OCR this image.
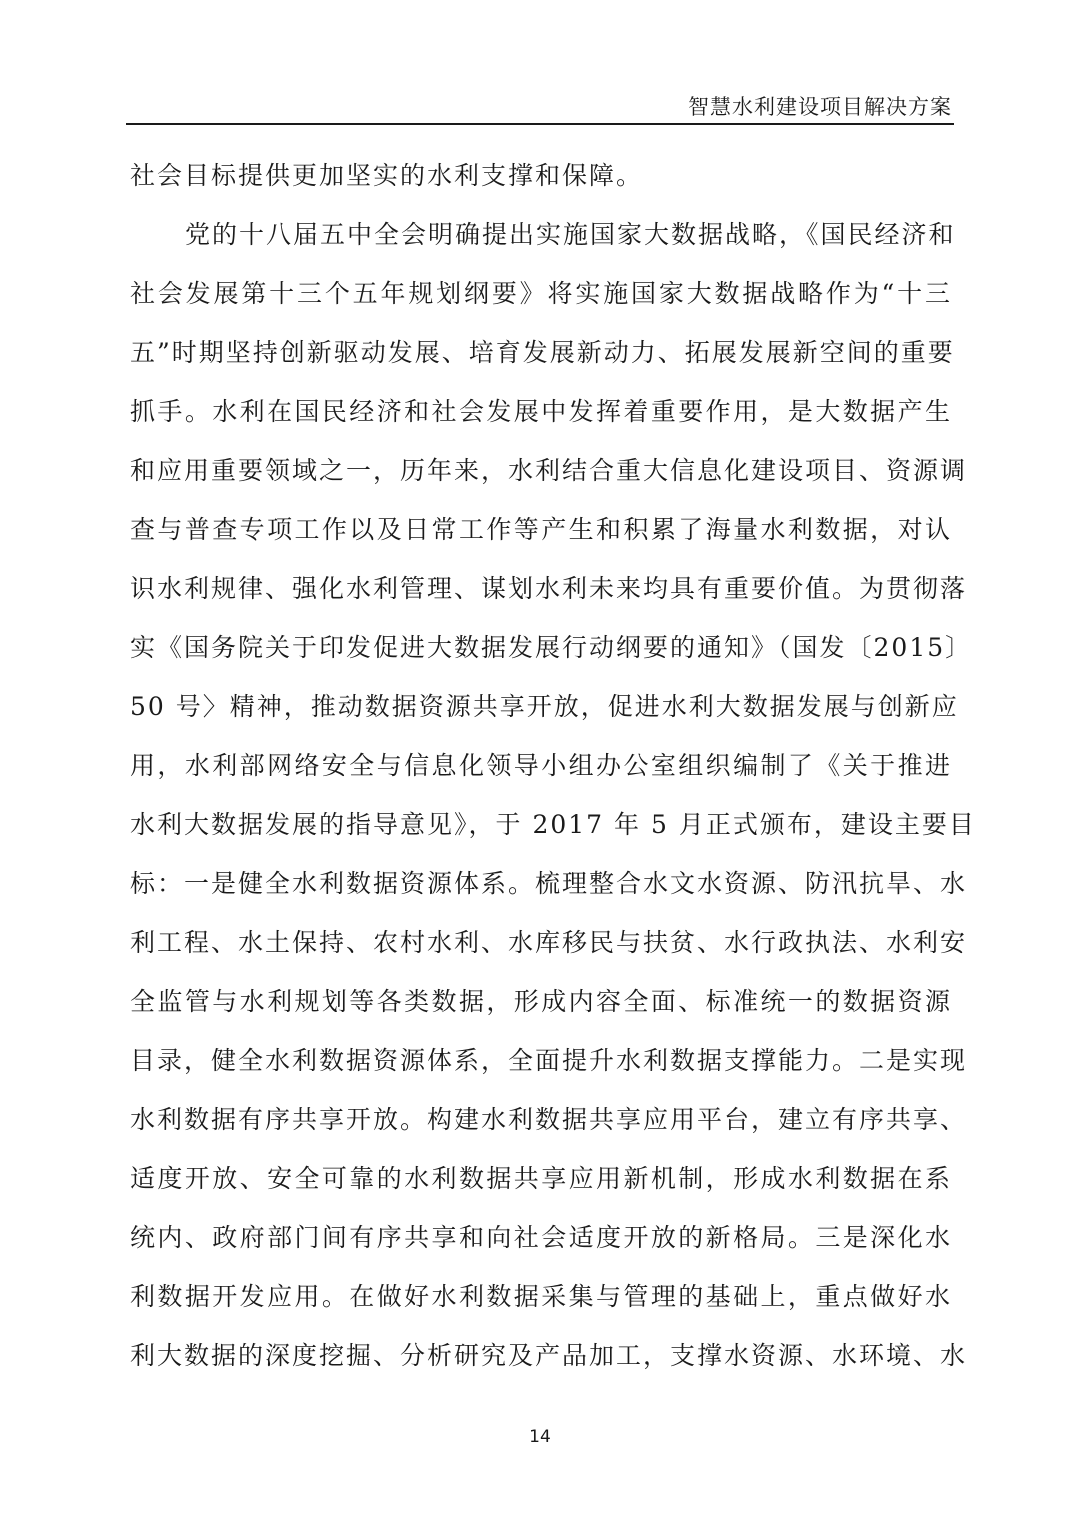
智慧水利建设项目解决方案
社会目标提供更加坚实的水利支撑和保障。
党的十八届五中全会明确提出实施国家大数据战略，《国民经济和
社会发展第十三个五年规划纲要》将实施国家大数据战略作为“十三
五”时期坚持创新驱动发展、培育发展新动力、拓展发展新空间的重要
抓手。水利在国民经济和社会发展中发挥着重要作用，是大数据产生
和应用重要领域之一，历年来，水利结合重大信息化建设项目、资源调
查与普查专项工作以及日常工作等产生和积累了海量水利数据，对认
识水利规律、强化水利管理、谋划水利未来均具有重要价值。为贯彻落
实《国务院关于印发促进大数据发展行动纲要的通知》（国发〔2015〕
50 号〉精神，推动数据资源共享开放，促进水利大数据发展与创新应
用，水利部网络安全与信息化领导小组办公室组织编制了《关于推进
水利大数据发展的指导意见》，于 2017 年 5 月正式颁布，建设主要目
标：一是健全水利数据资源体系。梳理整合水文水资源、防汛抗旱、水
利工程、水土保持、农村水利、水库移民与扶贫、水行政执法、水利安
全监管与水利规划等各类数据，形成内容全面、标准统一的数据资源
目录，健全水利数据资源体系，全面提升水利数据支撑能力。二是实现
水利数据有序共享开放。构建水利数据共享应用平台，建立有序共享、
适度开放、安全可靠的水利数据共享应用新机制，形成水利数据在系
统内、政府部门间有序共享和向社会适度开放的新格局。三是深化水
利数据开发应用。在做好水利数据采集与管理的基础上，重点做好水
利大数据的深度挖掘、分析研究及产品加工，支撑水资源、水环境、水
14
